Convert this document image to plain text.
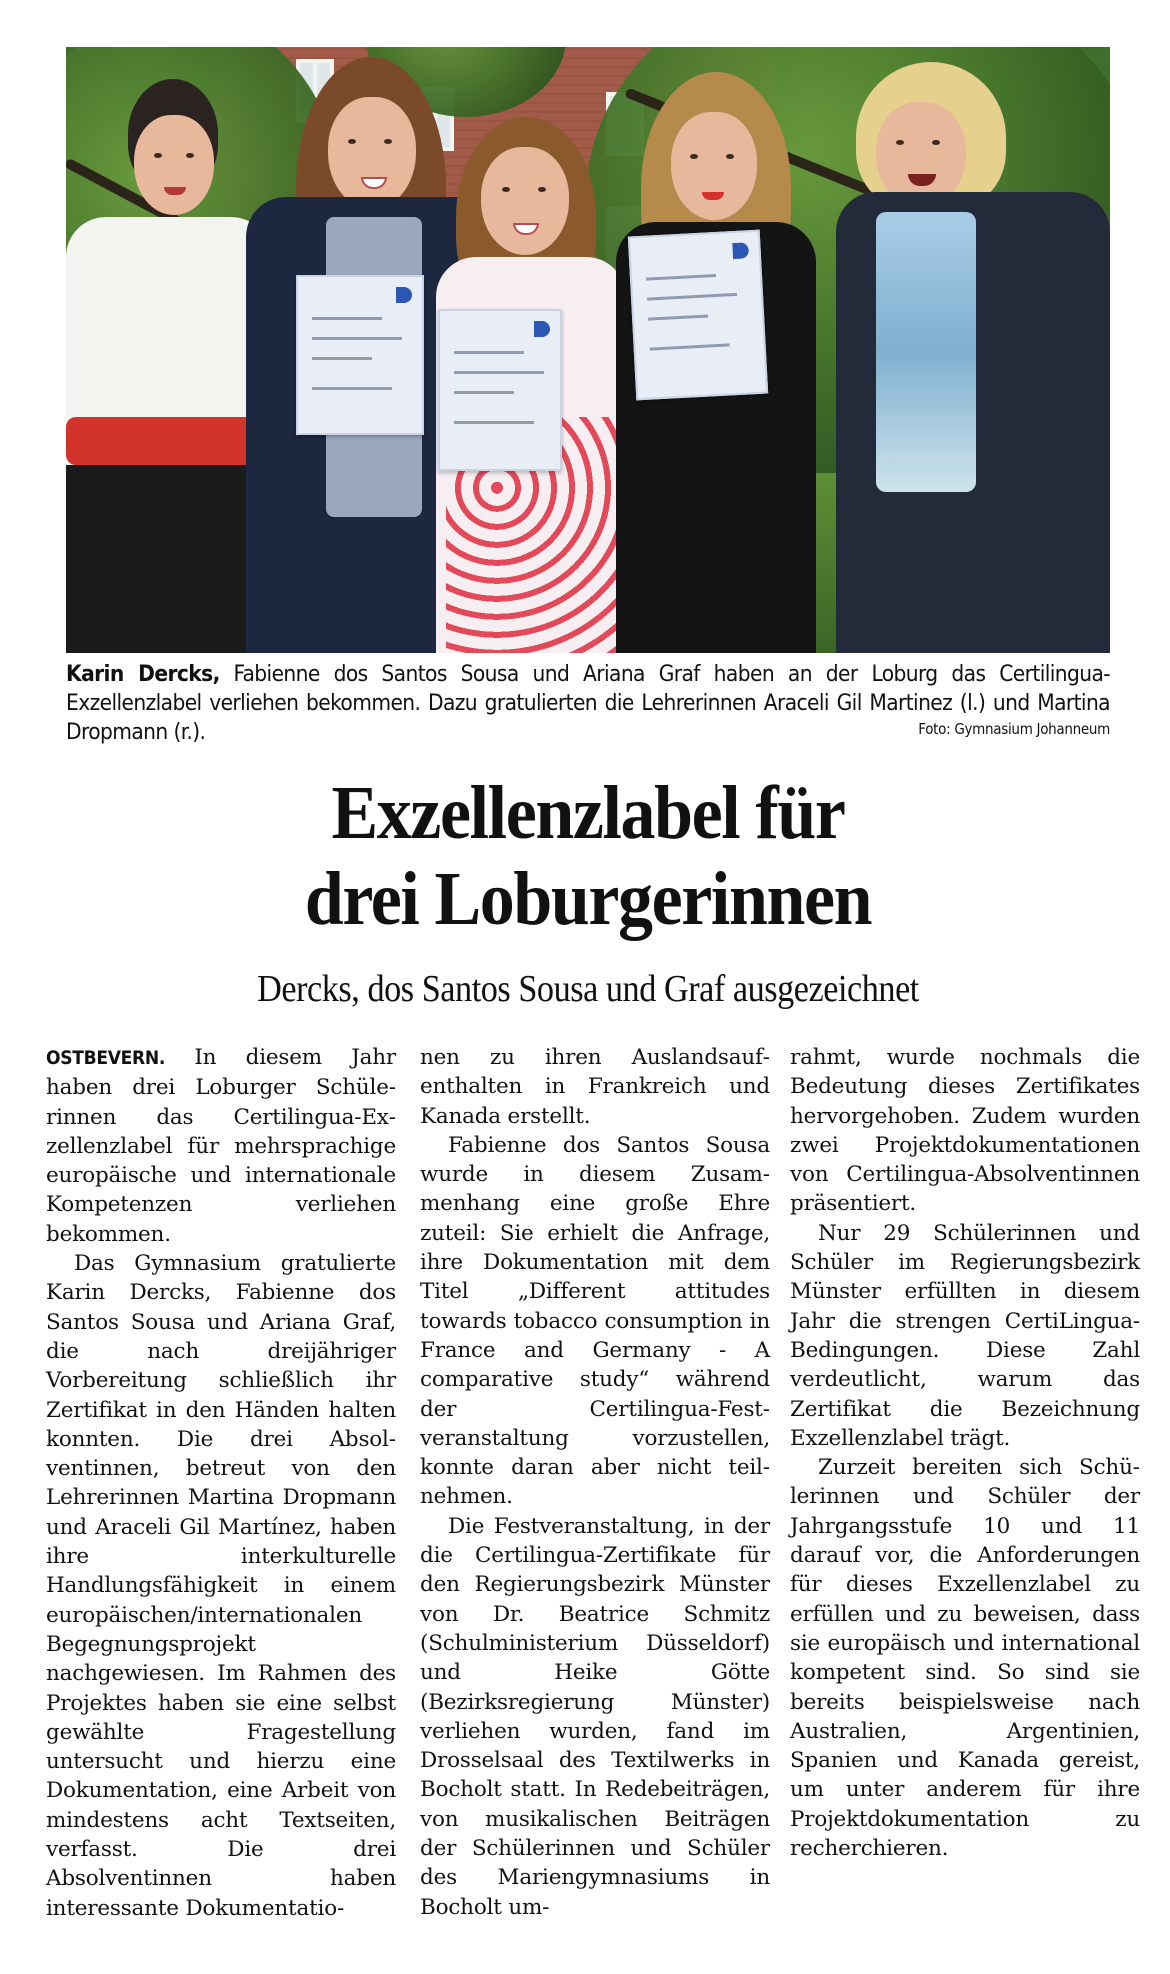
Karin Dercks, Fabienne dos Santos Sousa und Ariana Graf haben an der Loburg das Certilingua-Exzellenzlabel verliehen bekommen. Dazu gratulierten die Lehrerinnen Araceli Gil Martinez (l.) und Martina Dropmann (r.).	Foto: Gymnasium Johanneum
Exzellenzlabel für
drei Loburgerinnen
Dercks, dos Santos Sousa und Graf ausgezeichnet

OSTBEVERN. In diesem Jahr haben drei Loburger Schülerinnen das Certilingua-Exzellenzlabel für mehrsprachige europäische und internationale Kompetenzen verliehen bekommen.

Das Gymnasium gratulierte Karin Dercks, Fabienne dos Santos Sousa und Ariana Graf, die nach dreijähriger Vorbereitung schließlich ihr Zertifikat in den Händen halten konnten. Die drei Absolventinnen, betreut von den Lehrerinnen Martina Dropmann und Araceli Gil Martínez, haben ihre interkulturelle Handlungsfähigkeit in einem europäischen/internationalen Begegnungsprojekt nachgewiesen. Im Rahmen des Projektes haben sie eine selbst gewählte Fragestellung untersucht und hierzu eine Dokumentation, eine Arbeit von mindestens acht Textseiten, verfasst. Die drei Absolventinnen haben interessante Dokumentatio-

nen zu ihren Auslandsaufenthalten in Frankreich und Kanada erstellt.

Fabienne dos Santos Sousa wurde in diesem Zusammenhang eine große Ehre zuteil: Sie erhielt die Anfrage, ihre Dokumentation mit dem Titel „Different attitudes towards tobacco consumption in France and Germany - A comparative study“ während der Certilingua-Festveranstaltung vorzustellen, konnte daran aber nicht teilnehmen.

Die Festveranstaltung, in der die Certilingua-Zertifikate für den Regierungsbezirk Münster von Dr. Beatrice Schmitz (Schulministerium Düsseldorf) und Heike Götte (Bezirksregierung Münster) verliehen wurden, fand im Drosselsaal des Textilwerks in Bocholt statt. In Redebeiträgen, von musikalischen Beiträgen der Schülerinnen und Schüler des Mariengymnasiums in Bocholt um-

rahmt, wurde nochmals die Bedeutung dieses Zertifikates hervorgehoben. Zudem wurden zwei Projektdokumentationen von Certilingua-Absolventinnen präsentiert.

Nur 29 Schülerinnen und Schüler im Regierungsbezirk Münster erfüllten in diesem Jahr die strengen CertiLingua-Bedingungen. Diese Zahl verdeutlicht, warum das Zertifikat die Bezeichnung Exzellenzlabel trägt.

Zurzeit bereiten sich Schülerinnen und Schüler der Jahrgangsstufe 10 und 11 darauf vor, die Anforderungen für dieses Exzellenzlabel zu erfüllen und zu beweisen, dass sie europäisch und international kompetent sind. So sind sie bereits beispielsweise nach Australien, Argentinien, Spanien und Kanada gereist, um unter anderem für ihre Projektdokumentation zu recherchieren.
